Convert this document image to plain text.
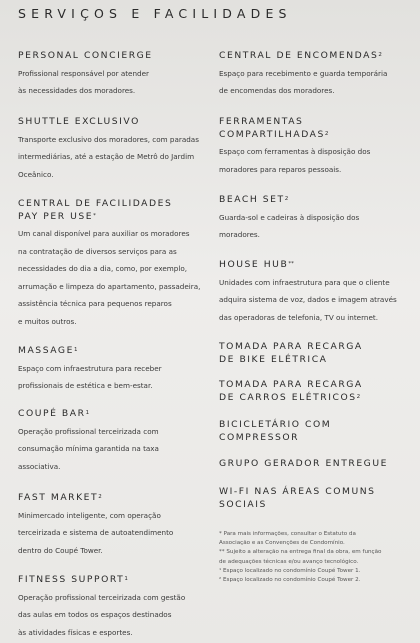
SERVIÇOS E FACILIDADES
PERSONAL CONCIERGE
Profissional responsável por atender
às necessidades dos moradores.
SHUTTLE EXCLUSIVO
Transporte exclusivo dos moradores, com paradas
intermediárias, até a estação de Metrô do Jardim
Oceânico.
CENTRAL DE FACILIDADES
PAY PER USE*
Um canal disponível para auxiliar os moradores
na contratação de diversos serviços para as
necessidades do dia a dia, como, por exemplo,
arrumação e limpeza do apartamento, passadeira,
assistência técnica para pequenos reparos
e muitos outros.
MASSAGE$^1$
Espaço com infraestrutura para receber
profissionais de estética e bem-estar.
COUPÉ BAR$^1$
Operação profissional terceirizada com
consumação mínima garantida na taxa
associativa.
FAST MARKET$^2$
Minimercado inteligente, com operação
terceirizada e sistema de autoatendimento
dentro do Coupé Tower.
FITNESS SUPPORT$^1$
Operação profissional terceirizada com gestão
das aulas em todos os espaços destinados
às atividades físicas e esportes.
CENTRAL DE ENCOMENDAS$^2$
Espaço para recebimento e guarda temporária
de encomendas dos moradores.
FERRAMENTAS
COMPARTILHADAS$^2$
Espaço com ferramentas à disposição dos
moradores para reparos pessoais.
BEACH SET$^2$
Guarda-sol e cadeiras à disposição dos
moradores.
HOUSE HUB**
Unidades com infraestrutura para que o cliente
adquira sistema de voz, dados e imagem através
das operadoras de telefonia, TV ou internet.
TOMADA PARA RECARGA
DE BIKE ELÉTRICA
TOMADA PARA RECARGA
DE CARROS ELÉTRICOS$^2$
BICICLETÁRIO COM
COMPRESSOR
GRUPO GERADOR ENTREGUE
WI-FI NAS ÁREAS COMUNS
SOCIAIS
* Para mais informações, consultar o Estatuto da
Associação e as Convenções de Condomínio.
** Sujeito a alteração na entrega final da obra, em função
de adequações técnicas e/ou avanço tecnológico.
¹ Espaço localizado no condomínio Coupé Tower 1.
² Espaço localizado no condomínio Coupé Tower 2.
